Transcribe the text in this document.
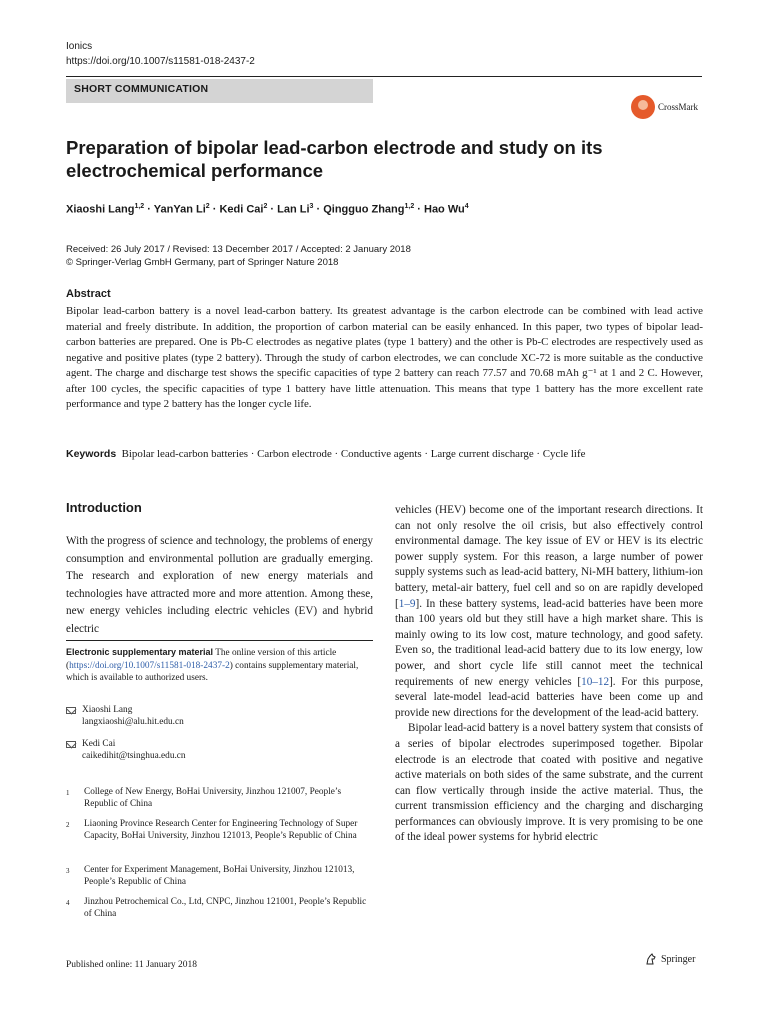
Ionics
https://doi.org/10.1007/s11581-018-2437-2
SHORT COMMUNICATION
CrossMark
Preparation of bipolar lead-carbon electrode and study on its electrochemical performance
Xiaoshi Lang$^{1,2}$ · YanYan $Li^2$ · Kedi Cai$^2$ · Lan $Li^3$ · Qingguo Zhang$^{1,2}$ · Hao Wu$^4$
Received: 26 July 2017 / Revised: 13 December 2017 / Accepted: 2 January 2018
© Springer-Verlag GmbH Germany, part of Springer Nature 2018
Abstract
Bipolar lead-carbon battery is a novel lead-carbon battery. Its greatest advantage is the carbon electrode can be combined with lead active material and freely distribute. In addition, the proportion of carbon material can be easily enhanced. In this paper, two types of bipolar lead-carbon batteries are prepared. One is Pb-C electrodes as negative plates (type 1 battery) and the other is Pb-C electrodes are respectively used as negative and positive plates (type 2 battery). Through the study of carbon electrodes, we can conclude XC-72 is more suitable as the conductive agent. The charge and discharge test shows the specific capacities of type 2 battery can reach 77.57 and 70.68 mAh g⁻¹ at 1 and 2 C. However, after 100 cycles, the specific capacities of type 1 battery have little attenuation. This means that type 1 battery has the more excellent rate performance and type 2 battery has the longer cycle life.
Keywords Bipolar lead-carbon batteries · Carbon electrode · Conductive agents · Large current discharge · Cycle life
Introduction
With the progress of science and technology, the problems of energy consumption and environmental pollution are gradually emerging. The research and exploration of new energy materials and technologies have attracted more and more attention. Among these, new energy vehicles including electric vehicles (EV) and hybrid electric

vehicles (HEV) become one of the important research directions. It can not only resolve the oil crisis, but also effectively control environmental damage. The key issue of EV or HEV is its electric power supply system. For this reason, a large number of power supply systems such as lead-acid battery, Ni-MH battery, lithium-ion battery, metal-air battery, fuel cell and so on are rapidly developed [1–9]. In these battery systems, lead-acid batteries have been more than 100 years old but they still have a high market share. This is mainly owing to its low cost, mature technology, and good safety. Even so, the traditional lead-acid battery due to its low energy, low power, and short cycle life still cannot meet the technical requirements of new energy vehicles [10–12]. For this purpose, several late-model lead-acid batteries have been come up and provide new directions for the development of the lead-acid battery.

Bipolar lead-acid battery is a novel battery system that consists of a series of bipolar electrodes superimposed together. Bipolar electrode is an electrode that coated with positive and negative active materials on both sides of the same substrate, and the current can flow vertically through inside the active material. Thus, the current transmission efficiency and the charging and discharging performances can obviously improve. It is very promising to be one of the ideal power systems for hybrid electric

Electronic supplementary material The online version of this article (https://doi.org/10.1007/s11581-018-2437-2) contains supplementary material, which is available to authorized users.
Xiaoshi Lang
langxiaoshi@alu.hit.edu.cn
Kedi Cai
caikedihit@tsinghua.edu.cn
1	College of New Energy, BoHai University, Jinzhou 121007, People’s Republic of China
2	Liaoning Province Research Center for Engineering Technology of Super Capacity, BoHai University, Jinzhou 121013, People’s Republic of China
3	Center for Experiment Management, BoHai University, Jinzhou 121013, People’s Republic of China
4	Jinzhou Petrochemical Co., Ltd, CNPC, Jinzhou 121001, People’s Republic of China
Published online: 11 January 2018
Springer
